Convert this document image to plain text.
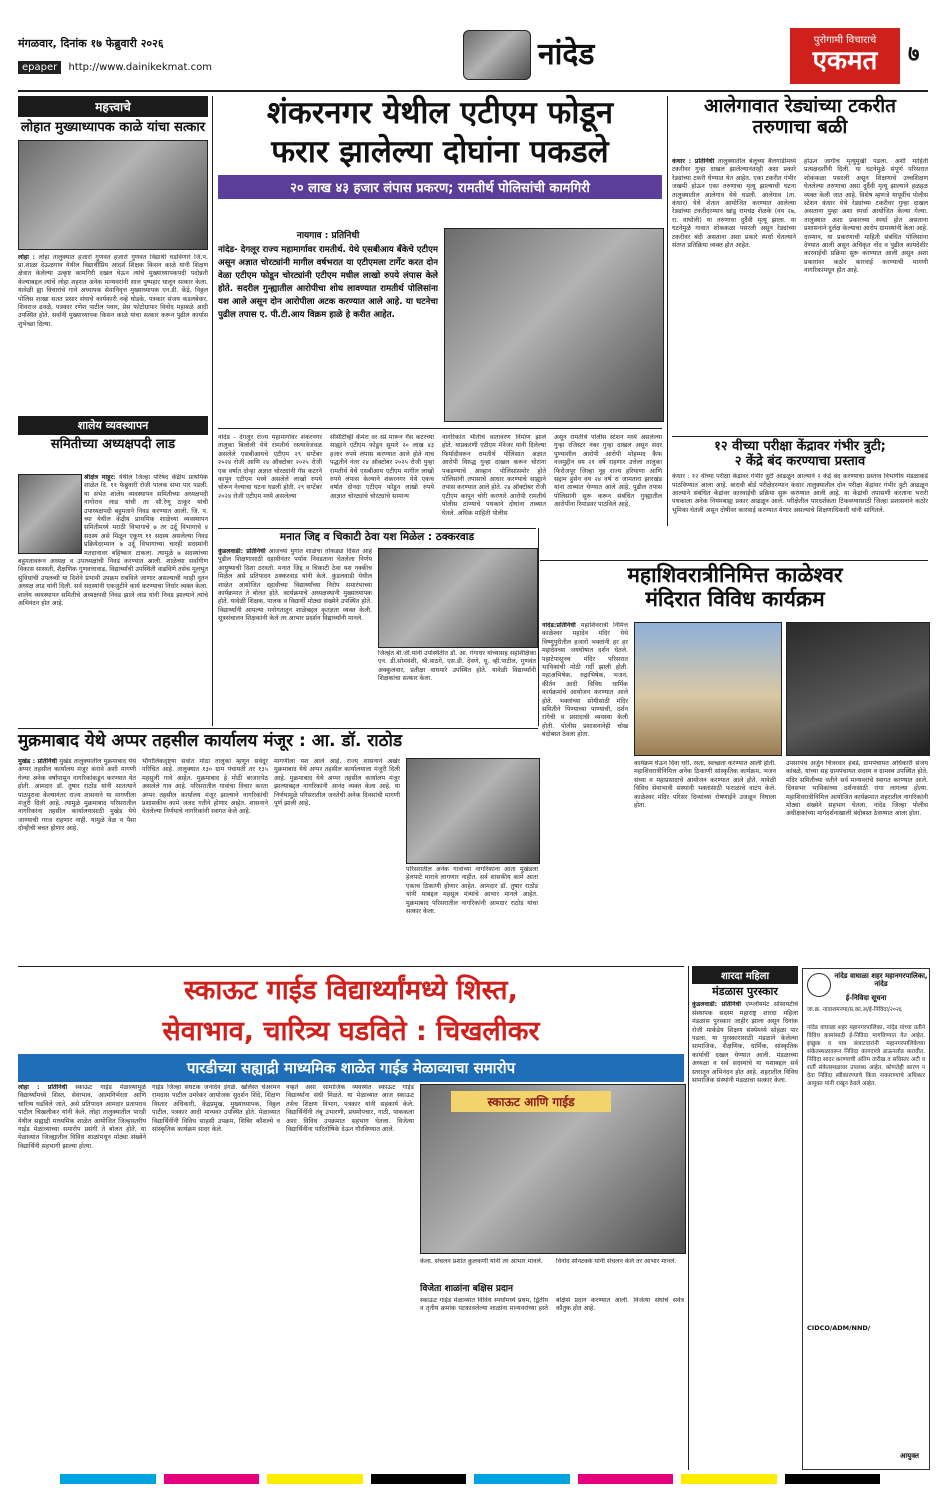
मंगळवार, दिनांक १७ फेब्रुवारी २०२६
epaper http://www.dainikekmat.com	नांदेड	पुरोगामी विचाराचे
एकमत	७
महत्त्वाचे
लोहात मुख्याध्यापक काळे यांचा सत्कार
लोहा : लोहा तालुक्यात हजारो गुणवंत हजारो गुणवंत विद्यार्थी घडविणारे जि.प. प्रा.शाळा देऊळगाव येथील विद्यार्थीप्रिय आदर्श शिक्षक किसन काळे यांनी शिक्षण क्षेत्रात केलेल्या उत्कृष्ट कामगिरी दखल घेऊन त्यांचे मुख्याध्यापकपदी पदोन्नती केल्याबद्दल त्यांचे लोहा शहरात अनेक मान्यवरांनी शाल पुष्पहार घालून सत्कार केला. यावेळी ह्या विचारांचे गावे अध्यापक सेवानिवृत्त मुख्याध्यापक एन.डी. केंद्रे, विठ्ठल पोलिस शाखा सतत प्रसार संघाचे कार्यकारी नव्हे घोडके, पत्रकार संजय कडलबेकर, शिवराज ढवळे, पत्रकार रणेश पाटील पवार, प्रेस फोटोग्राफर विनोद महाबळे आदी उपस्थित होते. सर्वांनी मुख्याध्यापक किसन काळे यांचा सत्कार करून पुढील कार्यास शुभेच्छा दिल्या.
शालेय व्यवस्थापन
समितीच्या अध्यक्षपदी लाड
श्रीक्षेत्र माहूर: येथील जिल्हा परिषद केंद्रीय प्राथमिक शाळेत दि. ११ फेब्रुवारी रोजी पालक सभा पार पडली. या सभेत शालेय व्यवस्थापन समितीच्या अध्यक्षपदी नागोराव लाड यांची तर सौ.रेणू ठाकूर यांची उपाध्यक्षपदी बहुमताने निवड करण्यात आली. जि. प. च्या येथील केंद्रीय प्राथमिक शाळेच्या व्यवस्थापन समितीमध्ये मराठी विभागाचे ७ तर उर्दू विभागाचे ४ सदस्य असे मिळून एकूण ११ सदस्य असलेल्या निवड प्रक्रियेदरम्यान ७ उर्दू विभागाच्या चारही सदस्यांनी मतदानावर बहिष्कार टाकला. त्यामुळे ७ सदस्यांच्या बहुमतावरून अध्यक्ष व उपाध्यक्षांची निवड करण्यात आली. शाळेच्या सर्वांगीण विकास सास्वती, शैक्षणिक गुणवत्तावाढ, विद्यार्थ्यांची उपस्थिती वाढविणे तसेच मूलभूत सुविधांची उपलब्धी या दिशेने प्रभावी उपक्रम राबविले जाणार असल्याची ग्वाही नूतन अध्यक्ष लाड यांनी दिली. सर्व सदस्यांनी एकजुटीने कार्य करण्याचा निर्धार व्यक्त केला. शालेय व्यवस्थापन समितीचे अध्यक्षपदी निवड झाले लाड यांनी निवड झाल्याने त्यांचे अभिनंदन होत आहे.
शंकरनगर येथील एटीएम फोडून
फरार झालेल्या दोघांना पकडले
२० लाख ४३ हजार लंपास प्रकरण; रामतीर्थ पोलिसांची कामगिरी
नायगाव : प्रतिनिधी
नांदेड- देगलूर राज्य महामार्गावर रामतीर्थ. येथे एसबीआय बँकेचे एटीएम असून अज्ञात चोरट्यांनी मागील वर्षभरात या एटीएमला टार्गेट करत दोन वेळा एटीएम फोडून चोरट्यांनी एटीएम मधील लाखो रुपये लंपास केले होते. सदरील गुन्ह्यातील आरोपीचा शोध लावण्यात रामतीर्थ पोलिसांना यश आले असून दोन आरोपीला अटक करण्यात आले आहे. या घटनेचा पुढील तपास ए. पी.टी.आय विक्रम हाळे हे करीत आहेत.
नांदेड - देगलूर राज्य महामार्गावर शंकरनगर तालुका बिलोली येथे रामतीर्थ रस्त्यावेजवळ असलेले एसबीआयचे एटीएम २९ सप्टेंबर २०२४ रोजी आणि २४ ऑक्टोबर २०२५ रोजी एक वर्षात दोन्हा अज्ञात चोरट्यांनी गॅस कटरने कापून एटीएम मध्ये असलेले लाखो रुपये चोरून नेल्याचा घटना घडली होती. २९ सप्टेंबर २०२४ रोजी एटीएम मध्ये असलेल्या
सीसीटीव्ही कॅमेरा वर स्प्रे मारून गॅस कटरच्या साह्याने एटीएम फोडून सुमारे २० लाख ४३ हजार रुपये लंपास करण्यात आले होते याच पद्धतीने नंतर २४ ऑक्टोबर २०२५ रोजी पुन्हा रामतीर्थ येथे एसबीआय एटीएम मागील लाखो रुपये लंपास केल्याने शंकरनगर येथे एकच वर्षात दोनदा एटीएम फोडून लाखो रुपये आज्ञात चोरट्यांचे चोरट्यांचे सामान्य
नागरिकांत भीतीचे वातावरण निर्माण झाले होते. याप्रकरणी एटीएम मॅनेजर यांनी दिलेल्या फिर्यादीवरून रामतीर्थ पोलिसात अज्ञात आरोपी विरुद्ध गुन्हा दाखल करून चोरांना पकडण्याचे आव्हान पोलिसांसमोर होते पोलिसांनी तपासाचे आधार करण्याचे साह्याने तपास करण्यात आले होते. २४ ऑक्टोबर रोजी एटीएम कापून चोरी करणारे आरोपी रामतीर्थ पोलीस ठाण्याचे पथकाने दोघांना ताब्यात घेतले. अधिक माहिती पोलीस
असून रामतीर्थ पोलीस स्टेशन मध्ये असलेल्या गुन्हा रजिस्टर नंबर गुन्हा दाखल असून सदर पुण्याशील आरोपी आरोपी मोहम्मद कैफ नजमुद्दीन वय २१ वर्षे राहणार उत्तेला तालुका फिरोजपूर जिल्हा नूह राज्य हरियाणा आणि सद्दाम हुसेन वय २४ वर्ष रा जामतारा झारखंड यांना ताब्यात घेण्यात आले आहे. पुढील तपास पोलिसांनी सुरू करून संबंधित गुन्ह्यातील आरोपींना रिमांडवर पाठविले आहे.
आलेगावात रेड्यांच्या टकरीत तरुणाचा बळी
कंधार : प्रतिनिधी तालुक्यातील बेलूच्या बैलगाडीमध्ये टकरीवर गुन्हा दाखल झालेल्यानंतरही अशा प्रकारे रेड्यांच्या टकरी घेण्यात येत आहेत. एका टकरीत गंभीर जखमी होऊन एका तरुणाचा मृत्यू झाल्याची घटना तालुक्यातील आलेगाव येथे घडली. आलेगाव (ता. कंधार) येथे शेतात आयोजित करण्यात आलेल्या रेड्यांच्या टकरीदरम्यान खांडू रामचंद्र शेळके (वय २७, रा. वाघोली) या तरुणाचा दुर्दैवी मृत्यू झाला. या घटनेमुळे गावात शोककळा पसरली असून रेड्यांच्या टकरीवर बंदी असताना अशा प्रकारे स्पर्धा घेतल्याने संतप्त प्रतिक्रिया व्यक्त होत आहेत.
होऊन जागीच मृत्युमुखी पडला. अशी माहिती प्रत्यक्षदर्शींनी दिली. या घटनेमुळे संपूर्ण परिसरात शोककळा पसरली असून शिक्षणाचे उच्चशिक्षण घेतलेल्या तरुणाचा असा दुर्दैवी मृत्यू झाल्याने हळहळ व्यक्त केली जात आहे. विशेष म्हणजे यापूर्वीच पोलीस स्टेशन कंधार येथे रेड्यांच्या टकरीवर गुन्हा दाखल असताना पुन्हा अशा स्पर्धा आयोजित केल्या गेल्या. तालुक्यात अशा प्रकारच्या स्पर्धा होत असताना प्रशासनाने दुर्लक्ष केल्याचा आरोप ग्रामस्थांनी केला आहे. दरम्यान, या प्रकरणाची माहिती संबंधित पोलिसांना देण्यात आली असून अधिकृत नोंद व पुढील कायदेशीर कारवाईची प्रक्रिया सुरू करण्यात आली असून अशा प्रकारांवर कठोर कारवाई करण्याची मागणी नागरिकांमधून होत आहे.
१२ वीच्या परीक्षा केंद्रावर गंभीर त्रुटी;
२ केंद्रे बंद करण्याचा प्रस्ताव
कंधार : १२ वीच्या परीक्षा केंद्रावर गंभीर त्रुटी आढळून आल्याने २ केंद्रे बंद करण्याचा प्रस्ताव विभागीय मंडळाकडे पाठविण्यात आला आहे. बारावी बोर्ड परीक्षेदरम्यान कंधार तालुक्यातील दोन परीक्षा केंद्रांवर गंभीर त्रुटी आढळून आल्याने संबंधित केंद्रांवर कारवाईची प्रक्रिया सुरू करण्यात आली आहे. या केंद्रांची तपासणी करताना भरारी पथकाला अनेक नियमबाह्य प्रकार आढळून आले. परीक्षेतील पारदर्शकता टिकवण्यासाठी जिल्हा प्रशासनाने कठोर भूमिका घेतली असून दोषींवर कारवाई करण्यात येणार असल्याचे शिक्षणाधिकारी यांनी सांगितले.
मनात जिद्द व चिकाटी ठेवा यश मिळेल : ठक्करवाड
कुंडलवाडी: प्रतिनिधी आजच्या युगात शाळेचा तोकड्या दिसत आहे पुढील शिक्षणासाठी दहावीनंतर पर्याय निवडताना घेतलेला निर्णय आयुष्याची दिशा ठरवतो. मनात जिद्द व चिकाटी ठेवा यश नक्कीच मिळेल असे प्रतिपादन ठक्करवाड यांनी केले. कुंडलवाडी येथील शाळेत आयोजित दहावीच्या विद्यार्थ्यांच्या निरोप समारंभाच्या कार्यक्रमात ते बोलत होते. कार्यक्रमाचे अध्यक्षस्थानी मुख्याध्यापक होते. यावेळी शिक्षक, पालक व विद्यार्थी मोठ्या संख्येने उपस्थित होते. विद्यार्थ्यांनी आपल्या मनोगतातून शाळेबद्दल कृतज्ञता व्यक्त केली. सूत्रसंचालन शिक्षकांनी केले तर आभार प्रदर्शन विद्यार्थ्यांनी मानले.
जिल्हेत बी.जी.यांनी उपस्थितीत डॉ. आ. गंगाधर यांच्यासह सहशिक्षिका एन. डी.सोमवंशी, श्री.वाठगे, एस.डी. देवणे, यू. व्ही.पाटील, गुणवंत अक्कुलवार, प्रतीक्षा वाघमारे उपस्थित होते. यावेळी विद्यार्थ्यांनी शिक्षकांचा सत्कार केला.
महाशिवरात्रीनिमित्त काळेश्वर
मंदिरात विविध कार्यक्रम
नांदेड:प्रतिनिधी महाशिवरात्री निमित्त काळेश्वर महादेव मंदिर येथे विष्णुपुरीतील हजारो भक्तांनी हर हर महादेवच्या जयघोषात दर्शन घेतले. पहाटेपासूनच मंदिर परिसरात भाविकांची मोठी गर्दी झाली होती. महाअभिषेक, रुद्राभिषेक, भजन, कीर्तन आदी विविध धार्मिक कार्यक्रमांचे आयोजन करण्यात आले होते. भक्तांच्या सोयीसाठी मंदिर समितीने पिण्याच्या पाण्याची, दर्शन रांगेची व प्रसादाची व्यवस्था केली होती. पोलीस प्रशासनानेही चोख बंदोबस्त ठेवला होता.
कार्यक्रम घेऊन दिवा घरी, रस्ता, स्वच्छता करण्यात आली होती. महाशिवरात्रीनिमित्त अनेक ठिकाणी सांस्कृतिक कार्यक्रम, भजन संध्या व महाप्रसादाचे आयोजन करण्यात आले होते. यावेळी विविध सेवाभावी संस्थांनी भक्तांसाठी फराळाचे वाटप केले. काळेश्वर मंदिर परिसर दिव्यांच्या रोषणाईने उजळून निघाला होता.
उपसरपंच अर्जुन चित्ररवार हंबर्डे, ग्रामपंचायत अधिकारी संजय कांबळे, यांच्या सह ग्रामपंचायत सदस्य व ग्रामस्थ उपस्थित होते. मंदिर समितीच्या वतीने सर्व मान्यवरांचे स्वागत करण्यात आले. दिवसभर भाविकांच्या दर्शनासाठी रांगा लागल्या होत्या. महाशिवरात्रीनिमित्त आयोजित कार्यक्रमात शहरातील नागरिकांनी मोठ्या संख्येने सहभाग घेतला. नांदेड जिल्हा पोलीस अधीक्षकांच्या मार्गदर्शनाखाली बंदोबस्त ठेवण्यात आला होता.
मुक्रमाबाद येथे अप्पर तहसील कार्यालय मंजूर : आ. डॉ. राठोड
मुखेड : प्रतिनिधी मुखेड तालुक्यातील मुक्रमाबाद येथे अप्पर तहसील कार्यालय मंजूर करावे अशी मागणी गेल्या अनेक वर्षांपासून नागरिकांकडून करण्यात येत होती. आमदार डॉ. तुषार राठोड यांनी सातत्याने पाठपुरावा केल्यानंतर राज्य शासनाने या मागणीला मंजुरी दिली आहे. त्यामुळे मुक्रमाबाद परिसरातील नागरिकांना तहसील कार्यालयासाठी मुखेड येथे जाण्याची गरज राहणार नाही. यामुळे वेळ व पैसा दोन्हीची बचत होणार आहे.
भौगोलिकदृष्ट्या सर्वात मोठा तालुका म्हणून सर्वदूर परिचित आहे. तालुक्यात १३० ग्राम पंचायती तर १३५ महसुली गावे आहेत. मुक्रमाबाद हे मोठी बाजारपेठ असलेले गाव आहे. परिसरातील गावांचा विचार करता अप्पर तहसील कार्यालय मंजूर झाल्याने नागरिकांची प्रशासकीय कामे जलद गतीने होणार आहेत. शासनाने घेतलेल्या निर्णयाचे नागरिकांनी स्वागत केले आहे.
मागणीला यश आले आहे. राज्य शासनाने अखेर मुक्रमाबाद येथे अप्पर तहसील कार्यालयाला मंजुरी दिली आहे. मुक्रमाबाद येथे अप्पर तहसील कार्यालय मंजूर झाल्याबद्दल नागरिकांनी आनंद व्यक्त केला आहे. या निर्णयामुळे परिसरातील जनतेची अनेक दिवसांची मागणी पूर्ण झाली आहे.
परिसरातील अनेक गावांच्या नागरिकांना आता मुखेडला हेलपाटे मारावे लागणार नाहीत. सर्व शासकीय कामे आता एकाच ठिकाणी होणार आहेत. आमदार डॉ. तुषार राठोड यांनी याबद्दल महसूल मंत्र्यांचे आभार मानले आहेत. मुक्रमाबाद परिसरातील नागरिकांनी आमदार राठोड यांचा सत्कार केला.
स्काऊट गाईड विद्यार्थ्यांमध्ये शिस्त,
सेवाभाव, चारित्र्य घडविते : चिखलीकर
पारडीच्या सह्याद्री माध्यमिक शाळेत गाईड मेळाव्याचा समारोप
लोहा : प्रतिनिधी स्काऊट गाईड मेळाव्यामुळे विद्यार्थ्यांमध्ये शिस्त, सेवाभाव, आत्मनिर्भरता आणि चारित्र्य घडविले जाते, असे प्रतिपादन आमदार प्रतापराव पाटील चिखलीकर यांनी केले. लोहा तालुक्यातील पारडी येथील सह्याद्री माध्यमिक शाळेत आयोजित जिल्हास्तरीय गाईड मेळाव्याच्या समारोप प्रसंगी ते बोलत होते. या मेळाव्यात जिल्ह्यातील विविध शाळांमधून मोठ्या संख्येने विद्यार्थिनी सहभागी झाल्या होत्या.
गाईड जिल्हा संघटक जनार्दन इंगळे. खलिस्त चेअरमन रामदास पाटील उमरेकर आयोजक सुदर्शन शिंदे, शिक्षण विस्तार अधिकारी, केंद्रप्रमुख, मुख्याध्यापक, विठ्ठल पाटील, पत्रकार आदी मान्यवर उपस्थित होते. मेळाव्यात विद्यार्थिनींनी विविध साहसी उपक्रम, शिबिर कौशल्ये व सांस्कृतिक कार्यक्रम सादर केले.
नव्हते असा सामाजिक व्यवस्थेत स्काऊट गाईड विद्यार्थ्यांना संधी मिळते. या मेळाव्यात आज स्काऊट तसेच शिक्षण विभाग, पत्रकार यांनी सहकार्य केले. विद्यार्थिनींनी तंबू उभारणी, प्रथमोपचार, गाठी, पाककला अशा विविध उपक्रमात सहभाग घेतला. विजेत्या विद्यार्थिनींना पारितोषिके देऊन गौरविण्यात आले.
स्काऊट आणि गाईड
केला. संचलन प्रशांत कुलकर्णी यांनी तर आभार मानले.	विनोद सोनटक्के यांनी संचलन केले तर आभार मानले.
विजेता शाळांना बक्षिस प्रदान
स्काऊट गाईड मेळाव्यात विविध स्पर्धांमध्ये प्रथम, द्वितीय व तृतीय क्रमांक पटकावलेल्या शाळांना मान्यवरांच्या हस्ते बक्षिसे प्रदान करण्यात आली. विजेत्या संघांचे सर्वत्र कौतुक होत आहे.
शारदा महिला
मंडळास पुरस्कार
कुंडलवाडी: प्रतिनिधी एम्प्लॉयमेंट सोसायटीचे संस्थापक सदस्य महाराष्ट्र शारदा महिला मंडळास पुरस्कार जाहीर झाला असून दिनांक रोजी मार्कंडेय शिक्षण संस्थेमध्ये सोहळा पार पडला. या पुरस्कारासाठी मंडळाने केलेल्या सामाजिक, शैक्षणिक, धार्मिक, सांस्कृतिक कार्याची दखल घेण्यात आली. मंडळाच्या अध्यक्षा व सर्व सदस्यांचे या यशाबद्दल सर्व स्तरातून अभिनंदन होत आहे. शहरातील विविध सामाजिक संस्थांनी मंडळाचा सत्कार केला.
नांदेड वाघाळा शहर महानगरपालिका, नांदेड
ई-निविदा सूचना
जा.क्र. नावाशमनपा/प्र.का.अ/ई-निविदा/२०२६
नांदेड वाघाळा शहर महानगरपालिका, नांदेड यांच्या वतीने विविध कामांसाठी ई-निविदा मागविण्यात येत आहेत. इच्छुक व पात्र कंत्राटदारांनी महानगरपालिकेच्या संकेतस्थळावरून निविदा कागदपत्रे डाऊनलोड करावीत. निविदा सादर करण्याची अंतिम तारीख व सविस्तर अटी व शर्ती संकेतस्थळावर उपलब्ध आहेत. कोणतेही कारण न देता निविदा स्वीकारण्याचे किंवा नाकारण्याचे अधिकार आयुक्त यांनी राखून ठेवले आहेत.
CIDCO/ADM/NND/
आयुक्त
